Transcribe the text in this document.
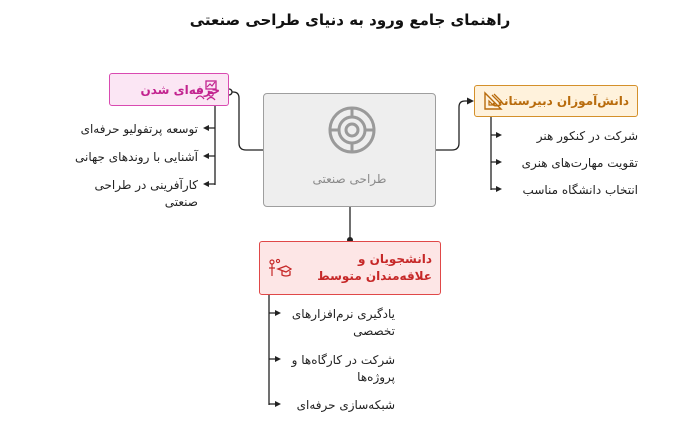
راهنمای جامع ورود به دنیای طراحی صنعتی
طراحی صنعتی
حرفه‌ای شدن
توسعه پرتفولیو حرفه‌ای
آشنایی با روندهای جهانی
کارآفرینی در طراحی صنعتی
دانش‌آموزان دبیرستانی
شرکت در کنکور هنر
تقویت مهارت‌های هنری
انتخاب دانشگاه مناسب
دانشجویان و علاقه‌مندان متوسط
یادگیری نرم‌افزارهای تخصصی
شرکت در کارگاه‌ها و پروژه‌ها
شبکه‌سازی حرفه‌ای
